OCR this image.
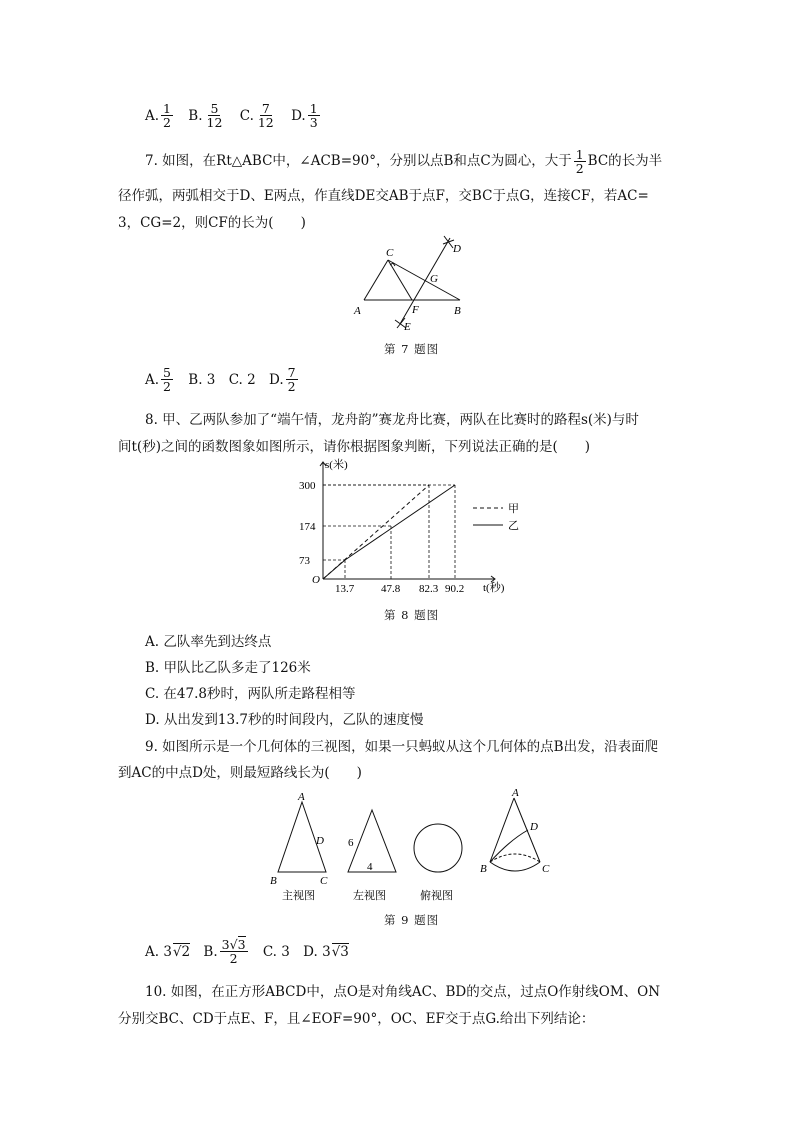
A. $\frac{1}{2}$
B. $\frac{5}{12}$
C. $\frac{7}{12}$
D. $\frac{1}{3}$
7. 如图，在Rt△ABC中，∠ACB=90°，分别以点B和点C为圆心，大于 $\frac{1}{2}$ BC的长为半
径作弧，两弧相交于D、E两点，作直线DE交AB于点F，交BC于点G，连接CF，若AC=
3，CG=2，则CF的长为(　　)
A	B
C	D
E
F
G
第 7 题图
A. $\frac{5}{2} B$. 3 C. 2 D. $\frac{7}{2}$
8. 甲、乙两队参加了“端午情，龙舟韵”赛龙舟比赛，两队在比赛时的路程s(米)与时
间t(秒)之间的函数图象如图所示，请你根据图象判断，下列说法正确的是(　　)
13.7 47.8 82.3 90.2
73
174
300
s(米)
t(秒)
O
甲
乙
第 8 题图
A. 乙队率先到达终点
B. 甲队比乙队多走了126米
C. 在47.8秒时，两队所走路程相等
D. 从出发到13.7秒的时间段内，乙队的速度慢
9. 如图所示是一个几何体的三视图，如果一只蚂蚁从这个几何体的点B出发，沿表面爬
到AC的中点D处，则最短路线长为(　　)
A
D
B	C
A
D
B	C
6
4
主视图	左视图	俯视图
第 9 题图
A. 3 √2
B. $\frac{3√3}{2} C$. 3 D. 3 √3
10. 如图，在正方形ABCD中，点O是对角线AC、BD的交点，过点O作射线OM、ON
分别交BC、CD于点E、F，且∠EOF=90°，OC、EF交于点G.给出下列结论：
